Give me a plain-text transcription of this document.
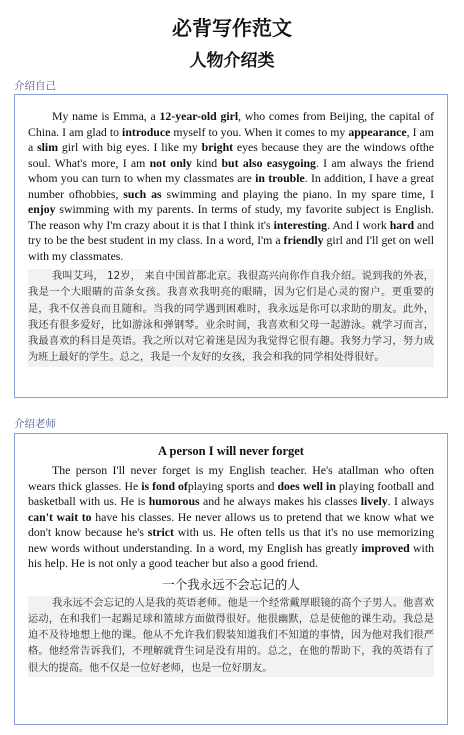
必背写作范文
人物介绍类
介绍自己

My name is Emma, a 12-year-old girl, who comes from Beijing, the capital of China. I am glad to introduce myself to you. When it comes to my appearance, I am a slim girl with big eyes. I like my bright eyes because they are the windows ofthe soul. What's more, I am not only kind but also easygoing. I am always the friend whom you can turn to when my classmates are in trouble. In addition, I have a great number ofhobbies, such as swimming and playing the piano. In my spare time, I enjoy swimming with my parents. In terms of study, my favorite subject is English. The reason why I'm crazy about it is that I think it's interesting. And I work hard and try to be the best student in my class. In a word, I'm a friendly girl and I'll get on well with my classmates.

我叫艾玛， 12岁， 来自中国首都北京。我很高兴向你作自我介绍。说到我的外表，我是一个大眼睛的苗条女孩。我喜欢我明亮的眼睛，因为它们是心灵的窗户。更重要的是，我不仅善良而且随和。当我的同学遇到困难时，我永远是你可以求助的朋友。此外，我还有很多爱好，比如游泳和弹钢琴。业余时间，我喜欢和父母一起游泳。就学习而言，我最喜欢的科目是英语。我之所以对它着迷是因为我觉得它很有趣。我努力学习，努力成为班上最好的学生。总之，我是一个友好的女孩，我会和我的同学相处得很好。

介绍老师

A person I will never forget

The person I'll never forget is my English teacher. He's atallman who often wears thick glasses. He is fond ofplaying sports and does well in playing football and basketball with us. He is humorous and he always makes his classes lively. I always can't wait to have his classes. He never allows us to pretend that we know what we don't know because he's strict with us. He often tells us that it's no use memorizing new words without understanding. In a word, my English has greatly improved with his help. He is not only a good teacher but also a good friend.

一个我永远不会忘记的人

我永远不会忘记的人是我的英语老师。他是一个经常戴厚眼镜的高个子男人。他喜欢运动，在和我们一起踢足球和篮球方面做得很好。他很幽默，总是使他的课生动。我总是迫不及待地想上他的课。他从不允许我们假装知道我们不知道的事情，因为他对我们很严格。他经常告诉我们，不理解就背生词是没有用的。总之，在他的帮助下，我的英语有了很大的提高。他不仅是一位好老师，也是一位好朋友。
